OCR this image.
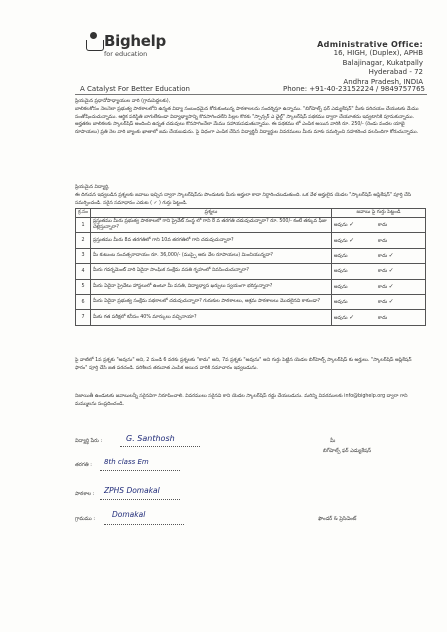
Bighelp
for education
A Catalyst For Better Education
Administrative Office:
16, HIGH, (Duplex), APHB
Balajinagar, Kukatpally
Hyderabad - 72
Andhra Pradesh, INDIA
Phone: +91-40-23152224 / 9849757765
ప్రియమైన ప్రధానోపాధ్యాయుల వారి (గ్రామపెద్దలకు),
బాలికలకోసం నెలనెలా ప్రభుత్వ పాఠశాలలోని ఉన్నత విద్యా సంబంధమైన కోరుకుంటున్న పాఠశాలలను సందర్శిస్తూ ఉన్నాము. "బిగ్‌హెల్ప్ ఫర్ ఎడ్యుకేషన్" మీకు పరిచయం చేయుటకు మేము సంతోషించుచున్నాము. ఆర్థిక పరిస్థితి బాగులేకుండా విద్యాభ్యాసాన్ని కొనసాగించలేని పిల్లల కొరకు "స్పాన్సర్ ఎ ఛైల్డ్" స్కాలర్‌షిప్ పథకము ద్వారా చేయూతను ఇవ్వటానికి పూనుకున్నాము. అర్హతకల బాలికలకు స్కాలర్‌షిప్ అందించి ఉన్నత చదువులు కొనసాగించేలా మేము సహాయపడుతున్నాము. ఈ పథకము లో ఎంపిక అయిన వారికి రూ. 250/- (రెండు వందల యాభై రూపాయలు) ప్రతి నెల వారి బ్యాంకు ఖాతాలో జమ చేయబడును. పై విధంగా ఎంపిక చేసిన విద్యార్థినీ విద్యార్థుల వివరములు మీరు మాకు సమర్పించి సహకరించ వలసిందిగా కోరుచున్నాము.
ప్రియమైన విద్యార్థి,
ఈ దిగువన ఇవ్వబడిన ప్రశ్నలకు జవాబు ఇచ్చిన ద్వారా స్కాలర్‌షిప్‌ను పొందుటకు మీరు అర్హులా కాదా నిర్ధారించబడుతుంది. ఒక వేళ అర్హులైన యెడల "స్కాలర్‌షిప్ అప్లికేషన్" పూర్తి చేసి సమర్పించండి. సరైన సమాధానం ఎదుట ( ✓ ) గుర్తు పెట్టండి.
క్ర.సం	ప్రశ్నలు	జవాబు పై గుర్తు పెట్టండి
1	ప్రస్తుతము మీరు ప్రభుత్వ పాఠశాలలో గాని ప్రైవేట్ సంస్థ లో గాని 8 వ తరగతి చదువుచున్నారా? రూ. 500/- కంటే తక్కువ ఫీజు చెల్లిస్తున్నారా?	అవును ✓ కాదు
2	ప్రస్తుతము మీరు 8వ తరగతిలో గాని 10వ తరగతిలో గాని చదువుచున్నారా?	అవును ✓ కాదు
3	మీ కుటుంబ సంవత్సరాదాయం రూ. 36,000/- (ముప్పై ఆరు వేల రూపాయలు) మించియున్నదా?	అవును కాదు ✓
4	మీరు గవర్నమెంట్ వారి ఏదైనా సాంఘిక సంక్షేమ వసతి గృహంలో నివసించుచున్నారా?	అవును కాదు ✓
5	మీరు ఏదైనా ప్రైవేటు హాస్టలులో ఉంటూ మీ వసతి, విద్యాభ్యాస ఖర్చులు స్వయంగా భరిస్తున్నారా?	అవును కాదు ✓
6	మీరు ఏదైనా ప్రభుత్వ సంక్షేమ పథకాలలో చదువుచున్నారా? గురుకుల పాఠశాలలు, ఆశ్రమ పాఠశాలలు మొదలైనవి కాకుండా?	అవును కాదు ✓
7	మీకు గత పరీక్షలో కనీసం 40% మార్కులు వచ్చినాయా?	అవును ✓ కాదు
పై వాటిలో 1వ ప్రశ్నకు "అవును" అని, 2 నుండి 6 వరకు ప్రశ్నలకు "కాదు" అని, 7వ ప్రశ్నకు "అవును" అని గుర్తు పెట్టిన యెడల బిగ్‌హెల్ప్ స్కాలర్‌షిప్ కు అర్హులు. "స్కాలర్‌షిప్ అప్లికేషన్ ఫారం" పూర్తి చేసి జత పరచండి. పరిశీలన తరువాత ఎంపిక అయిన వారికి సమాచారం ఇవ్వబడును.
నిజాయితీ ఉండుటకు జవాబులన్నీ సరైనవిగా నిరూపించాలి. వివరములు సరైనవి కాని యెడల స్కాలర్‌షిప్ రద్దు చేయబడును. మరిన్ని వివరములకు info@bighelp.org ద్వారా గాని మమ్ములను సంప్రదించండి.
విద్యార్థి పేరు :	G. Santhosh	మీ
బిగ్‌హెల్ప్ ఫర్ ఎడ్యుకేషన్
తరగతి : 8th class Em
పాఠశాల : ZPHS Domakal
గ్రామము : Domakal	ఫౌండర్ & ప్రెసిడెంట్
